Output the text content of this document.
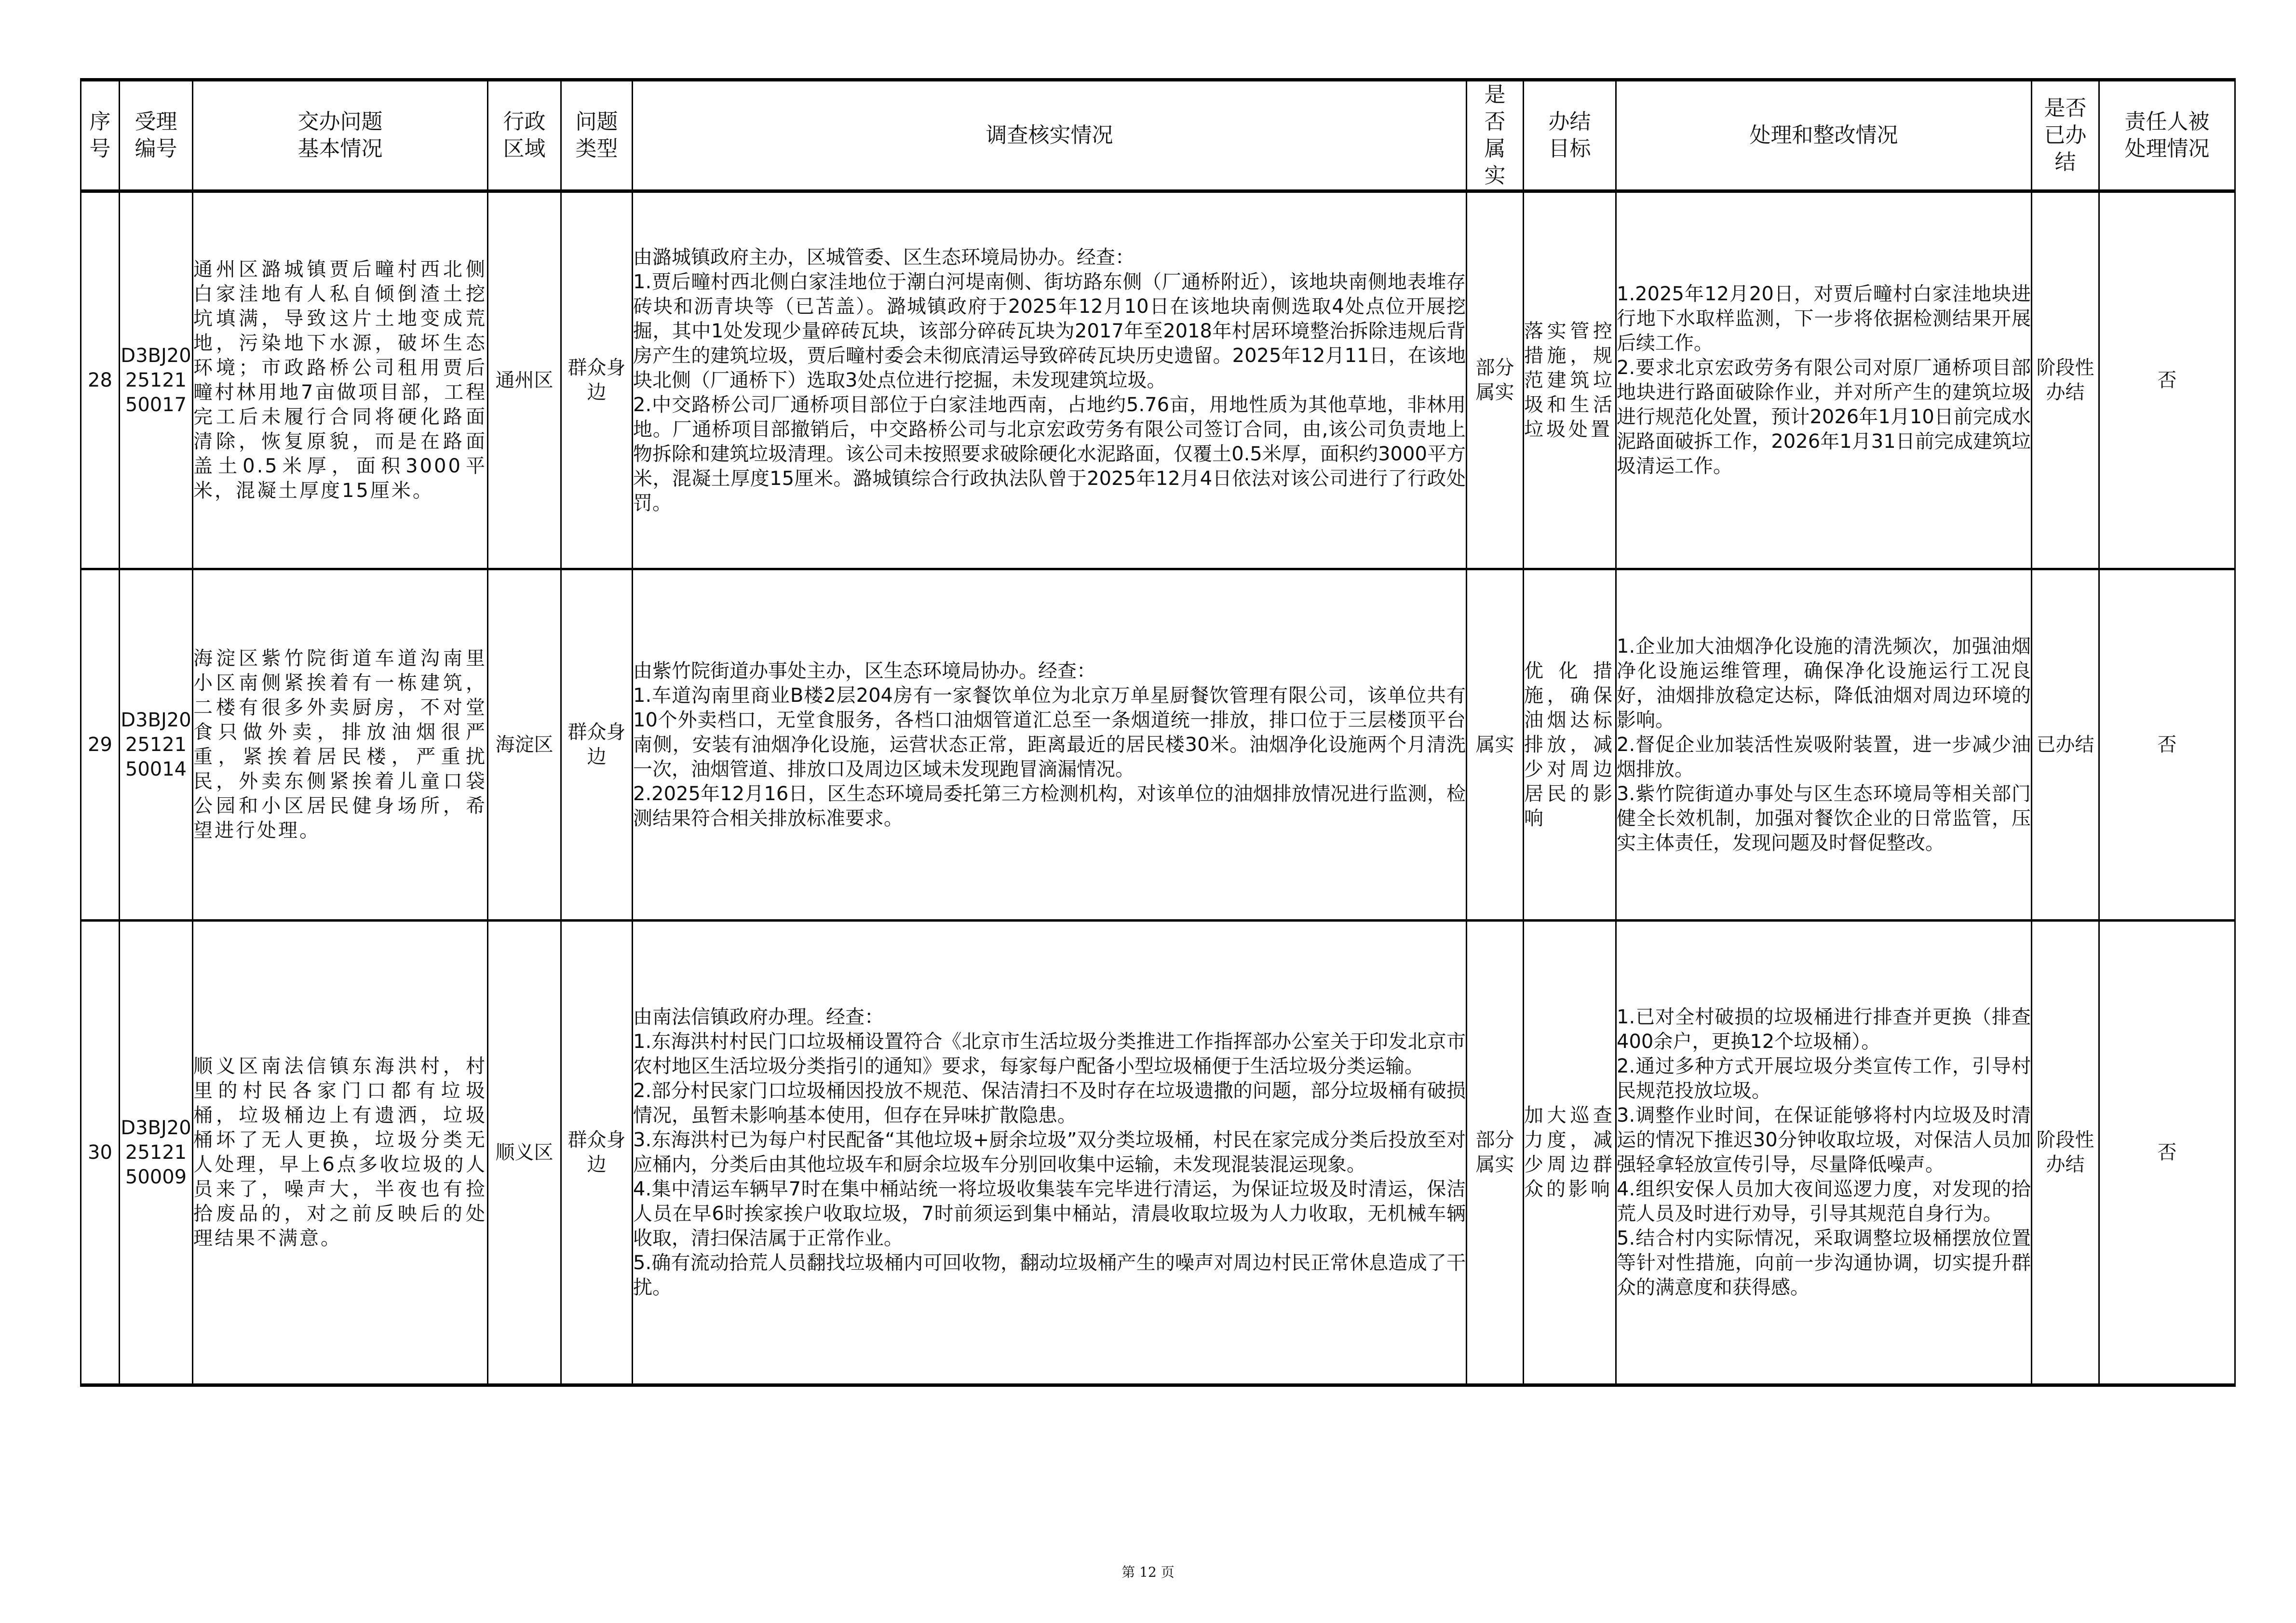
序号	受理编号	交办问题基本情况	行政区域	问题类型	调查核实情况	是否属实	办结目标	处理和整改情况	是否已办结	责任人被处理情况
28	D3BJ202512150017	通州区潞城镇贾后疃村西北侧白家洼地有人私自倾倒渣土挖坑填满，导致这片土地变成荒地，污染地下水源，破坏生态环境；市政路桥公司租用贾后疃村林用地7亩做项目部，工程完工后未履行合同将硬化路面清除，恢复原貌，而是在路面盖土0.5米厚，面积3000平米，混凝土厚度15厘米。	通州区	群众身边	由潞城镇政府主办，区城管委、区生态环境局协办。经查：
1.贾后疃村西北侧白家洼地位于潮白河堤南侧、街坊路东侧（厂通桥附近），该地块南侧地表堆存砖块和沥青块等（已苫盖）。潞城镇政府于2025年12月10日在该地块南侧选取4处点位开展挖掘，其中1处发现少量碎砖瓦块，该部分碎砖瓦块为2017年至2018年村居环境整治拆除违规后背房产生的建筑垃圾，贾后疃村委会未彻底清运导致碎砖瓦块历史遗留。2025年12月11日，在该地块北侧（厂通桥下）选取3处点位进行挖掘，未发现建筑垃圾。
2.中交路桥公司厂通桥项目部位于白家洼地西南，占地约5.76亩，用地性质为其他草地，非林用地。厂通桥项目部撤销后，中交路桥公司与北京宏政劳务有限公司签订合同，由,该公司负责地上物拆除和建筑垃圾清理。该公司未按照要求破除硬化水泥路面，仅覆土0.5米厚，面积约3000平方米，混凝土厚度15厘米。潞城镇综合行政执法队曾于2025年12月4日依法对该公司进行了行政处罚。	部分属实	落实管控措施，规范建筑垃圾和生活垃圾处置	1.2025年12月20日，对贾后疃村白家洼地块进行地下水取样监测，下一步将依据检测结果开展后续工作。
2.要求北京宏政劳务有限公司对原厂通桥项目部地块进行路面破除作业，并对所产生的建筑垃圾进行规范化处置，预计2026年1月10日前完成水泥路面破拆工作，2026年1月31日前完成建筑垃圾清运工作。	阶段性办结	否
29	D3BJ202512150014	海淀区紫竹院街道车道沟南里小区南侧紧挨着有一栋建筑，二楼有很多外卖厨房，不对堂食只做外卖，排放油烟很严重，紧挨着居民楼，严重扰民，外卖东侧紧挨着儿童口袋公园和小区居民健身场所，希望进行处理。	海淀区	群众身边	
由紫竹院街道办事处主办，区生态环境局协办。经查：
1.车道沟南里商业B楼2层204房有一家餐饮单位为北京万单星厨餐饮管理有限公司，该单位共有10个外卖档口，无堂食服务，各档口油烟管道汇总至一条烟道统一排放，排口位于三层楼顶平台南侧，安装有油烟净化设施，运营状态正常，距离最近的居民楼30米。油烟净化设施两个月清洗一次，油烟管道、排放口及周边区域未发现跑冒滴漏情况。
2.2025年12月16日，区生态环境局委托第三方检测机构，对该单位的油烟排放情况进行监测，检测结果符合相关排放标准要求。
	属实	优化措施，确保油烟达标排放，减少对周边居民的影响	
1.企业加大油烟净化设施的清洗频次，加强油烟净化设施运维管理，确保净化设施运行工况良好，油烟排放稳定达标，降低油烟对周边环境的影响。
2.督促企业加装活性炭吸附装置，进一步减少油烟排放。
3.紫竹院街道办事处与区生态环境局等相关部门健全长效机制，加强对餐饮企业的日常监管，压实主体责任，发现问题及时督促整改。
	已办结	否
30	D3BJ202512150009	顺义区南法信镇东海洪村，村里的村民各家门口都有垃圾桶，垃圾桶边上有遗洒，垃圾桶坏了无人更换，垃圾分类无人处理，早上6点多收垃圾的人员来了，噪声大，半夜也有捡拾废品的，对之前反映后的处理结果不满意。	顺义区	群众身边	
由南法信镇政府办理。经查：
1.东海洪村村民门口垃圾桶设置符合《北京市生活垃圾分类推进工作指挥部办公室关于印发北京市农村地区生活垃圾分类指引的通知》要求，每家每户配备小型垃圾桶便于生活垃圾分类运输。
2.部分村民家门口垃圾桶因投放不规范、保洁清扫不及时存在垃圾遗撒的问题，部分垃圾桶有破损情况，虽暂未影响基本使用，但存在异味扩散隐患。
3.东海洪村已为每户村民配备“其他垃圾+厨余垃圾”双分类垃圾桶，村民在家完成分类后投放至对应桶内，分类后由其他垃圾车和厨余垃圾车分别回收集中运输，未发现混装混运现象。
4.集中清运车辆早7时在集中桶站统一将垃圾收集装车完毕进行清运，为保证垃圾及时清运，保洁人员在早6时挨家挨户收取垃圾，7时前须运到集中桶站，清晨收取垃圾为人力收取，无机械车辆收取，清扫保洁属于正常作业。
5.确有流动拾荒人员翻找垃圾桶内可回收物，翻动垃圾桶产生的噪声对周边村民正常休息造成了干扰。
	部分属实	加大巡查力度，减少周边群众的影响	
1.已对全村破损的垃圾桶进行排查并更换（排查400余户，更换12个垃圾桶）。
2.通过多种方式开展垃圾分类宣传工作，引导村民规范投放垃圾。
3.调整作业时间，在保证能够将村内垃圾及时清运的情况下推迟30分钟收取垃圾，对保洁人员加强轻拿轻放宣传引导，尽量降低噪声。
4.组织安保人员加大夜间巡逻力度，对发现的拾荒人员及时进行劝导，引导其规范自身行为。
5.结合村内实际情况，采取调整垃圾桶摆放位置等针对性措施，向前一步沟通协调，切实提升群众的满意度和获得感。
	阶段性办结	否
第 12 页
